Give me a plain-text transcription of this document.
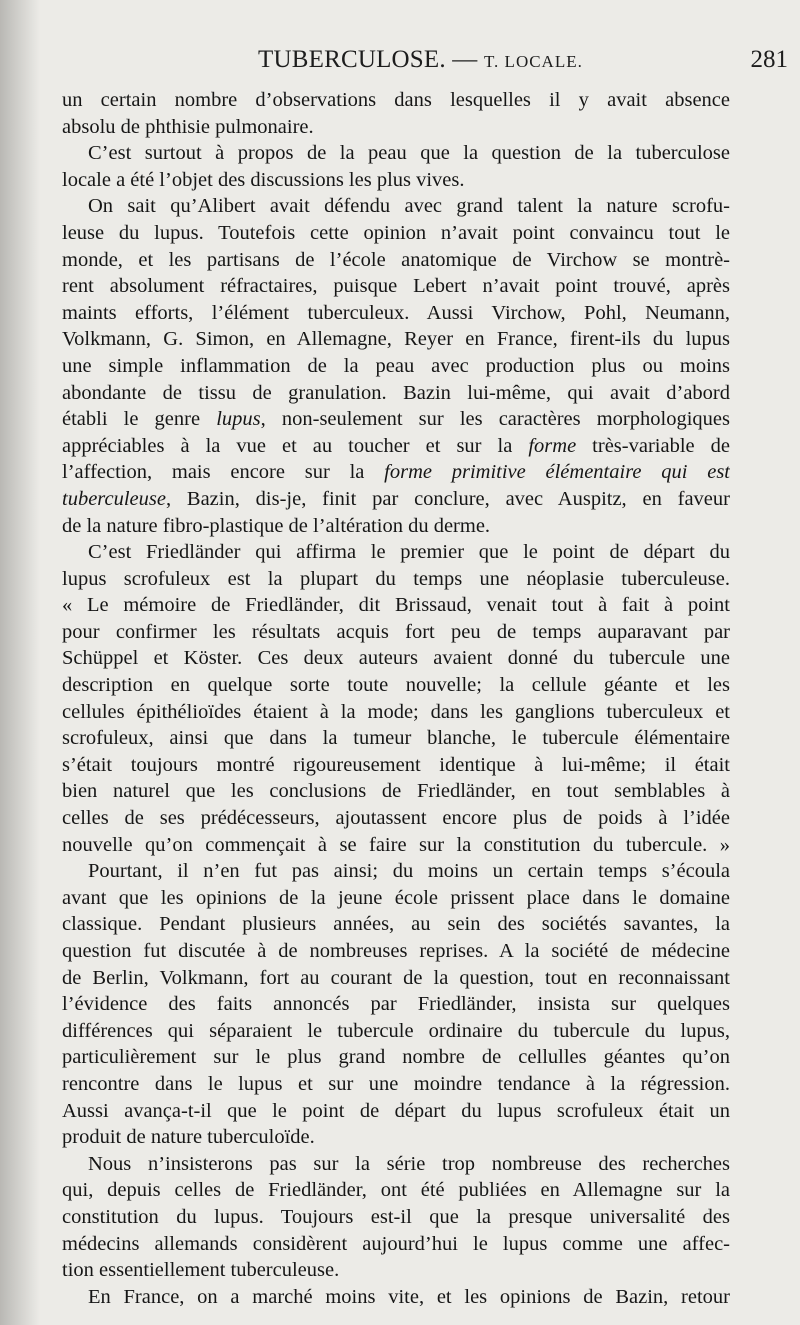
TUBERCULOSE. — T. LOCALE.	281
un certain nombre d’observations dans lesquelles il y avait absence
absolu de phthisie pulmonaire.
C’est surtout à propos de la peau que la question de la tuberculose
locale a été l’objet des discussions les plus vives.
On sait qu’Alibert avait défendu avec grand talent la nature scrofu-
leuse du lupus. Toutefois cette opinion n’avait point convaincu tout le
monde, et les partisans de l’école anatomique de Virchow se montrè-
rent absolument réfractaires, puisque Lebert n’avait point trouvé, après
maints efforts, l’élément tuberculeux. Aussi Virchow, Pohl, Neumann,
Volkmann, G. Simon, en Allemagne, Reyer en France, firent-ils du lupus
une simple inflammation de la peau avec production plus ou moins
abondante de tissu de granulation. Bazin lui-même, qui avait d’abord
établi le genre lupus, non-seulement sur les caractères morphologiques
appréciables à la vue et au toucher et sur la forme très-variable de
l’affection, mais encore sur la forme primitive élémentaire qui est
tuberculeuse, Bazin, dis-je, finit par conclure, avec Auspitz, en faveur
de la nature fibro-plastique de l’altération du derme.
C’est Friedländer qui affirma le premier que le point de départ du
lupus scrofuleux est la plupart du temps une néoplasie tuberculeuse.
« Le mémoire de Friedländer, dit Brissaud, venait tout à fait à point
pour confirmer les résultats acquis fort peu de temps auparavant par
Schüppel et Köster. Ces deux auteurs avaient donné du tubercule une
description en quelque sorte toute nouvelle; la cellule géante et les
cellules épithélioïdes étaient à la mode; dans les ganglions tuberculeux et
scrofuleux, ainsi que dans la tumeur blanche, le tubercule élémentaire
s’était toujours montré rigoureusement identique à lui-même; il était
bien naturel que les conclusions de Friedländer, en tout semblables à
celles de ses prédécesseurs, ajoutassent encore plus de poids à l’idée
nouvelle qu’on commençait à se faire sur la constitution du tubercule. »
Pourtant, il n’en fut pas ainsi; du moins un certain temps s’écoula
avant que les opinions de la jeune école prissent place dans le domaine
classique. Pendant plusieurs années, au sein des sociétés savantes, la
question fut discutée à de nombreuses reprises. A la société de médecine
de Berlin, Volkmann, fort au courant de la question, tout en reconnaissant
l’évidence des faits annoncés par Friedländer, insista sur quelques
différences qui séparaient le tubercule ordinaire du tubercule du lupus,
particulièrement sur le plus grand nombre de cellulles géantes qu’on
rencontre dans le lupus et sur une moindre tendance à la régression.
Aussi avança-t-il que le point de départ du lupus scrofuleux était un
produit de nature tuberculoïde.
Nous n’insisterons pas sur la série trop nombreuse des recherches
qui, depuis celles de Friedländer, ont été publiées en Allemagne sur la
constitution du lupus. Toujours est-il que la presque universalité des
médecins allemands considèrent aujourd’hui le lupus comme une affec-
tion essentiellement tuberculeuse.
En France, on a marché moins vite, et les opinions de Bazin, retour
